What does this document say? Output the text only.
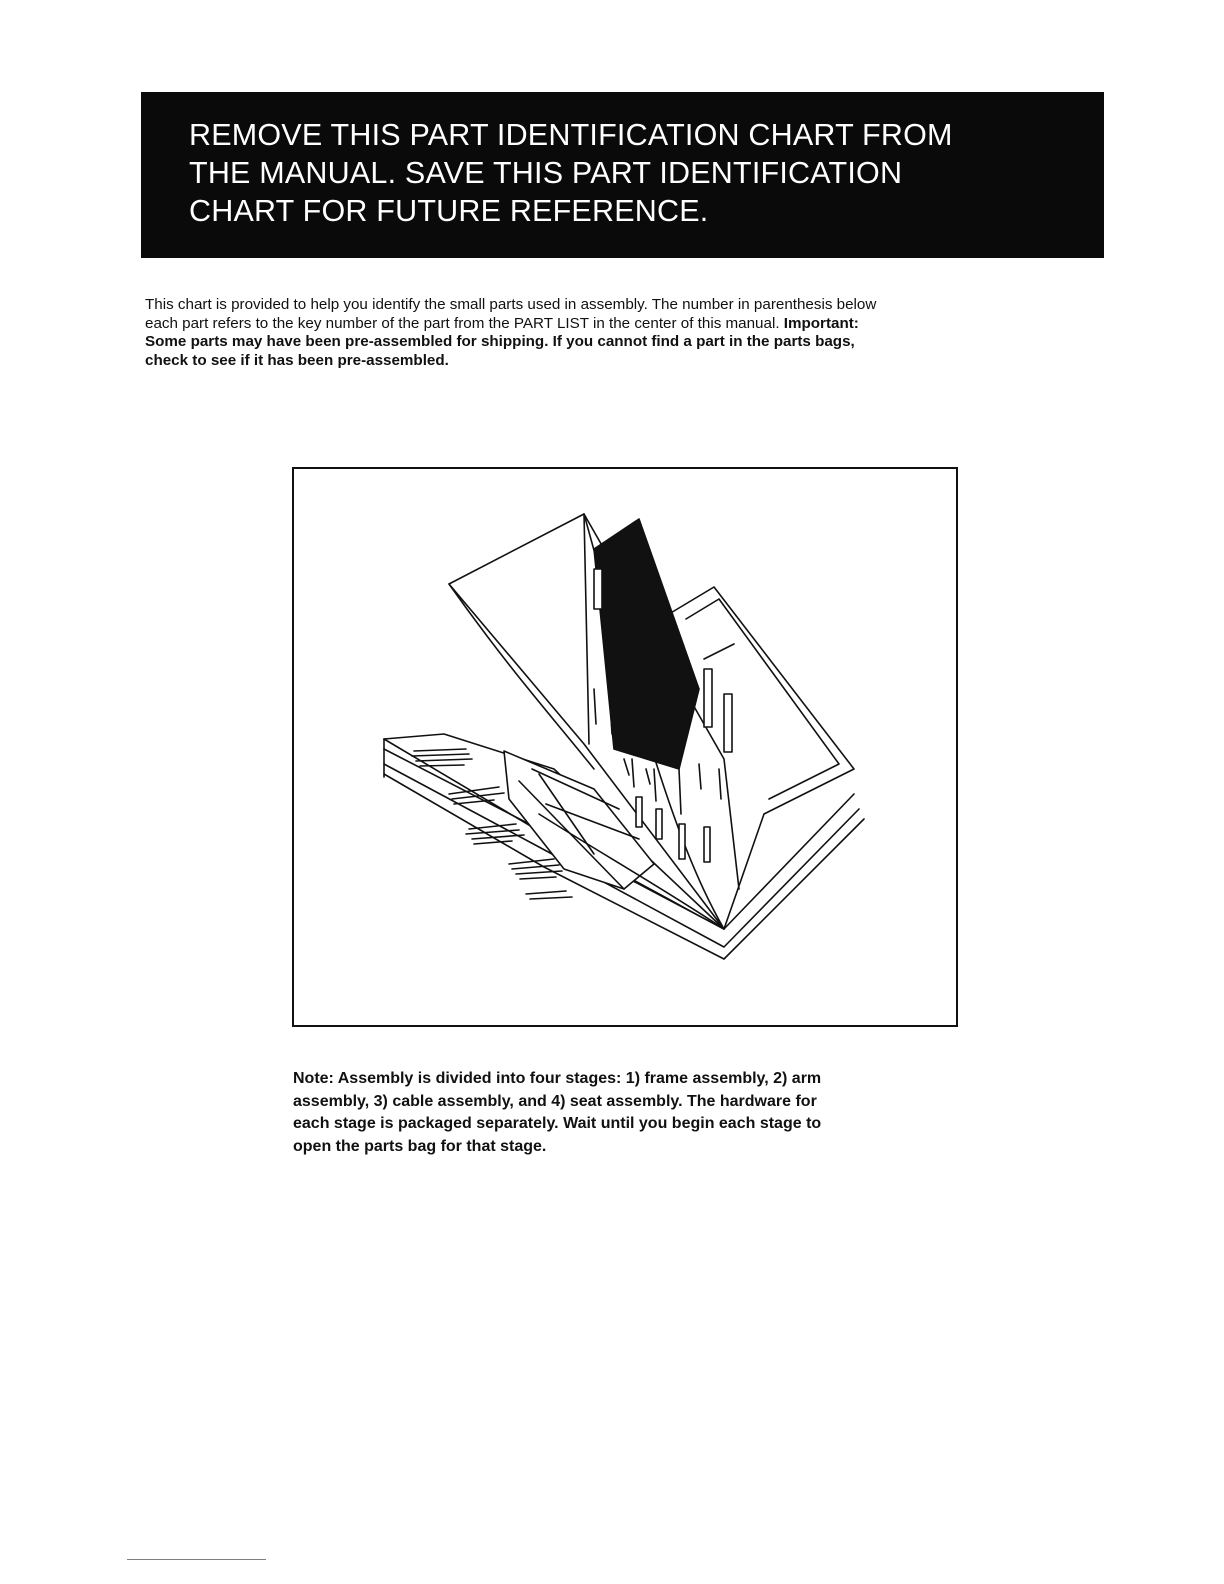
REMOVE THIS PART IDENTIFICATION CHART FROM
THE MANUAL. SAVE THIS PART IDENTIFICATION
CHART FOR FUTURE REFERENCE.
This chart is provided to help you identify the small parts used in assembly. The number in parenthesis below
each part refers to the key number of the part from the PART LIST in the center of this manual. Important:
Some parts may have been pre-assembled for shipping. If you cannot find a part in the parts bags,
check to see if it has been pre-assembled.
Note: Assembly is divided into four stages: 1) frame assembly, 2) arm
assembly, 3) cable assembly, and 4) seat assembly. The hardware for
each stage is packaged separately. Wait until you begin each stage to
open the parts bag for that stage.
